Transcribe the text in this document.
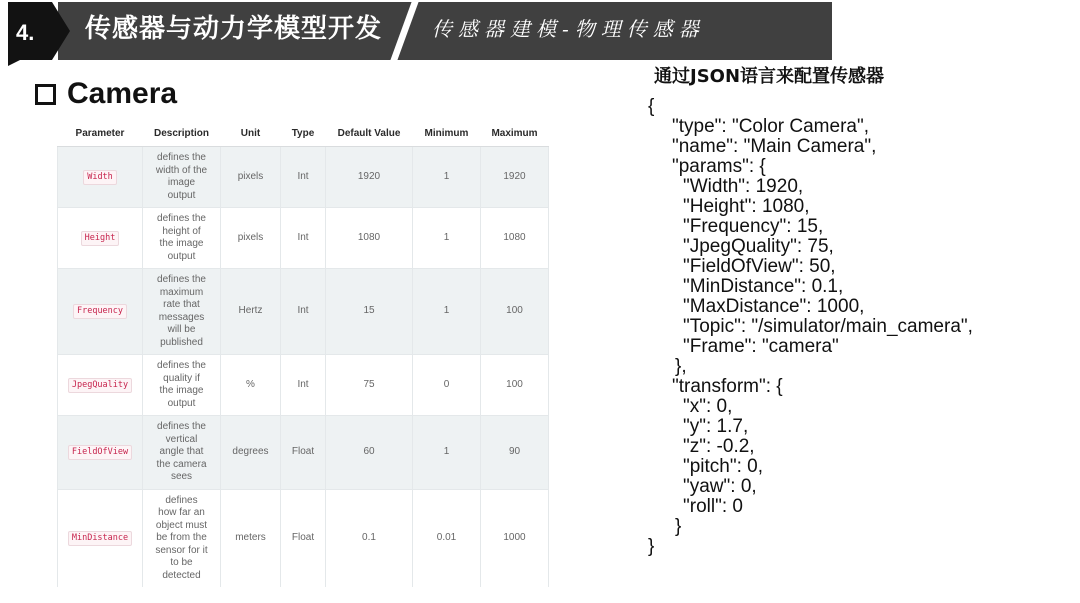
4. 传感器与动力学模型开发 传感器建模-物理传感器
Camera
Parameter	Description	Unit	Type	Default Value	Minimum	Maximum
Width	defines the width of the image output	pixels	Int	1920	1	1920
Height	defines the height of the image output	pixels	Int	1080	1	1080
Frequency	defines the maximum rate that messages will be published	Hertz	Int	15	1	100
JpegQuality	defines the quality if the image output	%	Int	75	0	100
FieldOfView	defines the vertical angle that the camera sees	degrees	Float	60	1	90
MinDistance	defines how far an object must be from the sensor for it to be detected	meters	Float	0.1	0.01	1000
通过JSON语言来配置传感器
{
"type": "Color Camera",
"name": "Main Camera",
"params": {
"Width": 1920,
"Height": 1080,
"Frequency": 15,
"JpegQuality": 75,
"FieldOfView": 50,
"MinDistance": 0.1,
"MaxDistance": 1000,
"Topic": "/simulator/main_camera",
"Frame": "camera"
},
"transform": {
"x": 0,
"y": 1.7,
"z": -0.2,
"pitch": 0,
"yaw": 0,
"roll": 0
}
}
